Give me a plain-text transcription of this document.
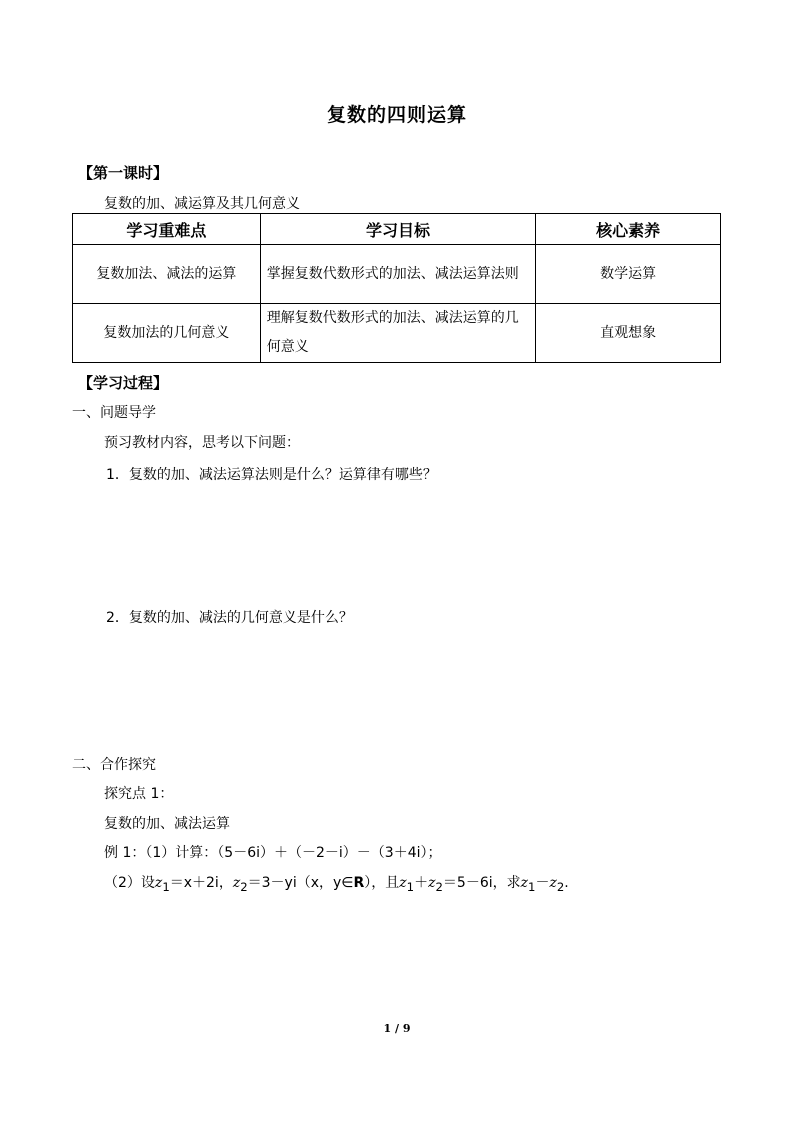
复数的四则运算
【第一课时】
复数的加、减运算及其几何意义
学习重难点	学习目标	核心素养
复数加法、减法的运算	掌握复数代数形式的加法、减法运算法则	数学运算
复数加法的几何意义	理解复数代数形式的加法、减法运算的几何意义	直观想象
【学习过程】
一、问题导学
预习教材内容，思考以下问题：
1．复数的加、减法运算法则是什么？运算律有哪些？
2．复数的加、减法的几何意义是什么？
二、合作探究
探究点 1：
复数的加、减法运算
例 1：（1）计算：（5－6i）＋（－2－i）－（3＋4i）；
（2）设$z_1=x+2i$，$z_2=3-yi(x$，y∈R），且$z_1+z_2=5-6i$，求$z_1-z_2$.
1 / 9
